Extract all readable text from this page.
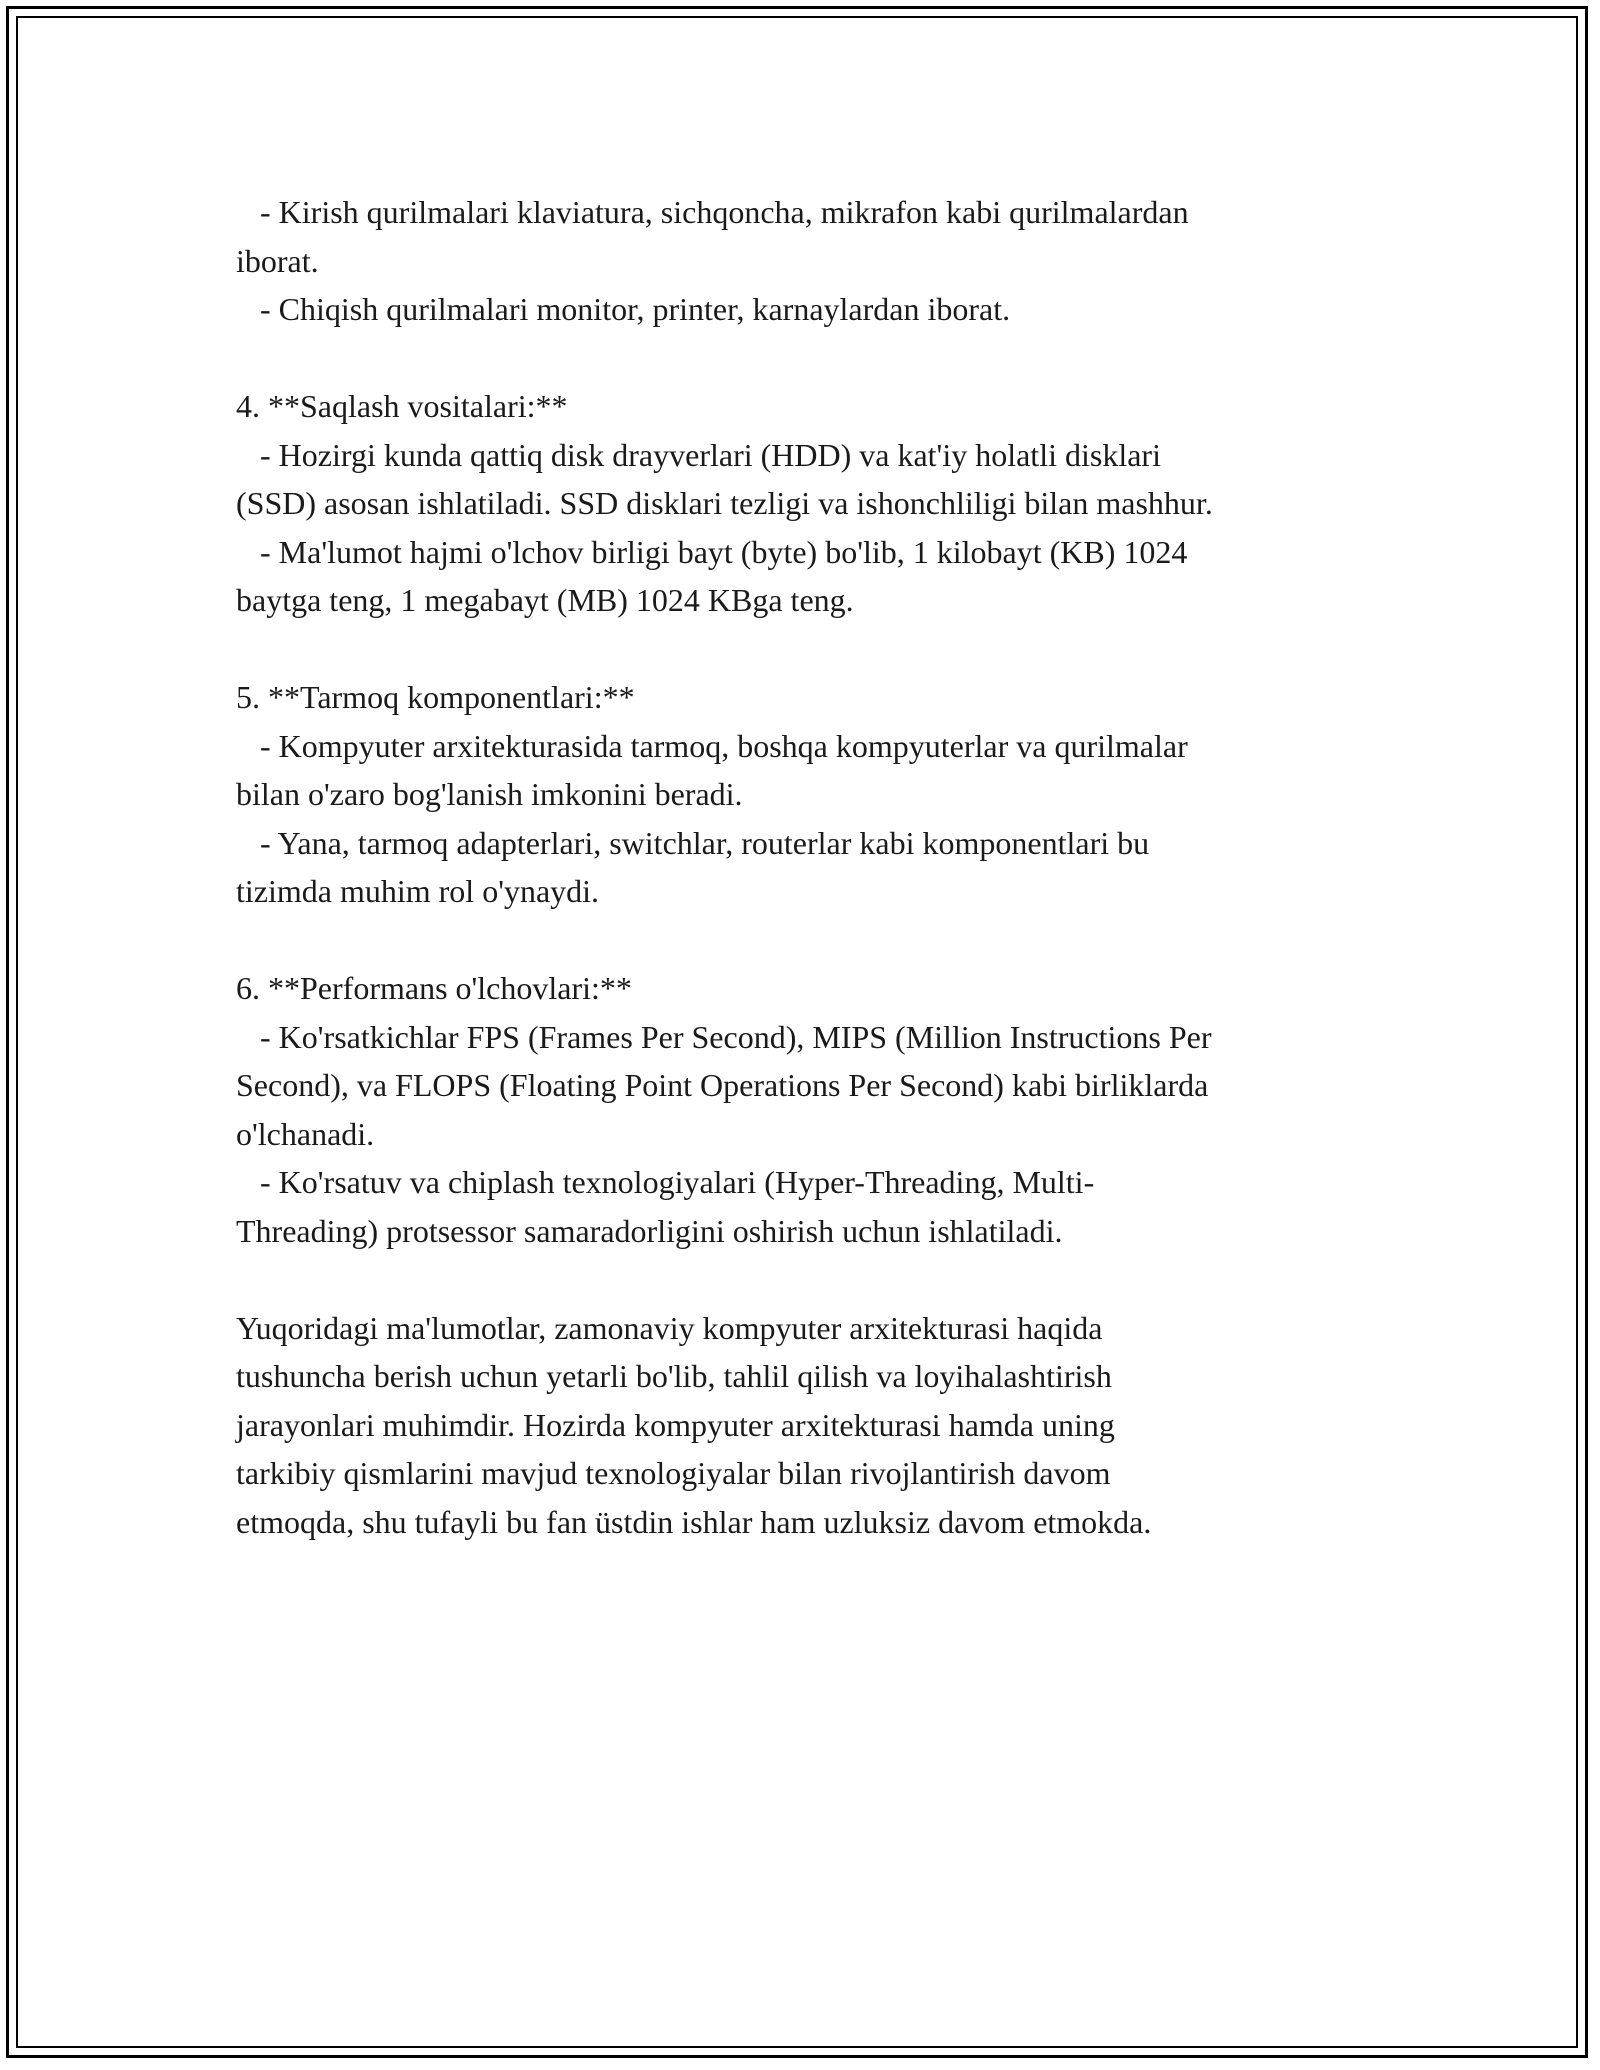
- Kirish qurilmalari klaviatura, sichqoncha, mikrafon kabi qurilmalardan

iborat.

- Chiqish qurilmalari monitor, printer, karnaylardan iborat.

4. **Saqlash vositalari:**

- Hozirgi kunda qattiq disk drayverlari (HDD) va kat'iy holatli disklari

(SSD) asosan ishlatiladi. SSD disklari tezligi va ishonchliligi bilan mashhur.

- Ma'lumot hajmi o'lchov birligi bayt (byte) bo'lib, 1 kilobayt (KB) 1024

baytga teng, 1 megabayt (MB) 1024 KBga teng.

5. **Tarmoq komponentlari:**

- Kompyuter arxitekturasida tarmoq, boshqa kompyuterlar va qurilmalar

bilan o'zaro bog'lanish imkonini beradi.

- Yana, tarmoq adapterlari, switchlar, routerlar kabi komponentlari bu

tizimda muhim rol o'ynaydi.

6. **Performans o'lchovlari:**

- Ko'rsatkichlar FPS (Frames Per Second), MIPS (Million Instructions Per

Second), va FLOPS (Floating Point Operations Per Second) kabi birliklarda

o'lchanadi.

- Ko'rsatuv va chiplash texnologiyalari (Hyper-Threading, Multi-

Threading) protsessor samaradorligini oshirish uchun ishlatiladi.

Yuqoridagi ma'lumotlar, zamonaviy kompyuter arxitekturasi haqida

tushuncha berish uchun yetarli bo'lib, tahlil qilish va loyihalashtirish

jarayonlari muhimdir. Hozirda kompyuter arxitekturasi hamda uning

tarkibiy qismlarini mavjud texnologiyalar bilan rivojlantirish davom

etmoqda, shu tufayli bu fan üstdin ishlar ham uzluksiz davom etmokda.
